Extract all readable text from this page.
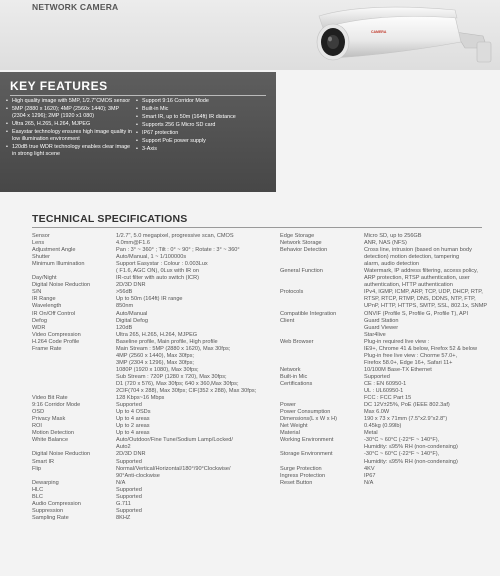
NETWORK CAMERA
CAMERA
KEY FEATURES
• High quality image with 5MP, 1/2.7"CMOS sensor
• 5MP (2880 x 1620); 4MP (2560x 1440); 3MP (2304 x 1296); 2MP (1920 x1 080)
• Ultra 265, H.265, H.264, MJPEG
• Easystar technology ensures high image quality in low illumination environment
• 120dB true WDR technology enables clear image in strong light scene
• Support 9:16 Corridor Mode
• Built-in Mic
• Smart IR, up to 50m (164ft) IR distance
• Supports 256 G Micro SD card
• IP67 protection
• Support PoE power supply
• 3-Axis
TECHNICAL SPECIFICATIONS
Sensor	1/2.7", 5.0 megapixel, progressive scan, CMOS
Lens	4.0mm@F1.6
Adjustment Angle	Pan : 3° ~ 360° ; Tilt : 0° ~ 90° ; Rotate : 3° ~ 360°
Shutter	Auto/Manual, 1 ~ 1/100000s
Minimum Illumination	Support Easystar : Colour : 0.003Lux
( F1.6, AGC ON), 0Lux with IR on
Day/Night	IR-cut filter with auto switch (ICR)
Digital Noise Reduction	2D/3D DNR
S/N	>56dB
IR Range	Up to 50m (164ft) IR range
Wavelength	850nm
IR On/Off Control	Auto/Manual
Defog	Digital Defog
WDR	120dB
Video Compression	Ultra 265, H.265, H.264, MJPEG
H.264 Code Profile	Baseline profile, Main profile, High profile
Frame Rate	Main Stream : 5MP (2880 x 1620), Max 30fps;
4MP (2560 x 1440), Max 30fps;
3MP (2304 x 1296), Max 30fps;
1080P (1920 x 1080), Max 30fps;
Sub Stream : 720P (1280 x 720), Max 30fps;
D1 (720 x 576), Max 30fps; 640 x 360,Max 30fps;
2CIF(704 x 288), Max 30fps; CIF(352 x 288), Max 30fps;
Video Bit Rate	128 Kbps~16 Mbps
9:16 Corridor Mode	Supported
OSD	Up to 4 OSDs
Privacy Mask	Up to 4 areas
ROI	Up to 2 areas
Motion Detection	Up to 4 areas
White Balance	Auto/Outdoor/Fine Tune/Sodium Lamp/Locked/
Auto2
Digital Noise Reduction	2D/3D DNR
Smart IR	Supported
Flip	Normal/Vertical/Horizontal/180°/90°Clockwise/
90°Anti-clockwise
Dewarping	N/A
HLC	Supported
BLC	Supported
Audio Compression	G.711
Suppression	Supported
Sampling Rate	8KHZ
Edge Storage	Micro SD, up to 256GB
Network Storage	ANR, NAS (NFS)
Behavior Detection	Cross line, intrusion (based on human body
detection) motion detection, tampering
alarm, audio detection
General Function	Watermark, IP address filtering, access policy,
ARP protection, RTSP authentication, user
authentication, HTTP authentication
Protocols	IPv4, IGMP, ICMP, ARP, TCP, UDP, DHCP, RTP,
RTSP, RTCP, RTMP, DNS, DDNS, NTP, FTP,
UPnP, HTTP, HTTPS, SMTP, SSL, 802.1x, SNMP
Compatible Integration	ONVIF (Profile S, Profile G, Profile T), API
Client	Guard Station
Guard Viewer
Star4live
Web Browser	Plug-in required live view :
IE9+, Chrome 41 & below, Firefox 52 & below
Plug-in free live view : Chorme 57.0+,
Firefox 58.0+, Edge 16+, Safari 11+
Network	10/100M Base-TX Ethernet
Built-in Mic	Supported
Certifications	CE : EN 60950-1
UL : UL60950-1
FCC : FCC Part 15
Power	DC 12V±25%, PoE (IEEE 802.3af)
Power Consumption	Max 6.0W
Dimensions(L x W x H)	190 x 73 x 71mm (7.5"x2.9"x2.8")
Net Weight	0.45kg (0.99lb)
Material	Metal
Working Environment	-30°C ~ 60°C (-22°F ~ 140°F),
Humidity: ≤95% RH (non-condensing)
Storage Environment	-30°C ~ 60°C (-22°F ~ 140°F),
Humidity: ≤95% RH (non-condensing)
Surge Protection	4KV
Ingress Protection	IP67
Reset Button	N/A
